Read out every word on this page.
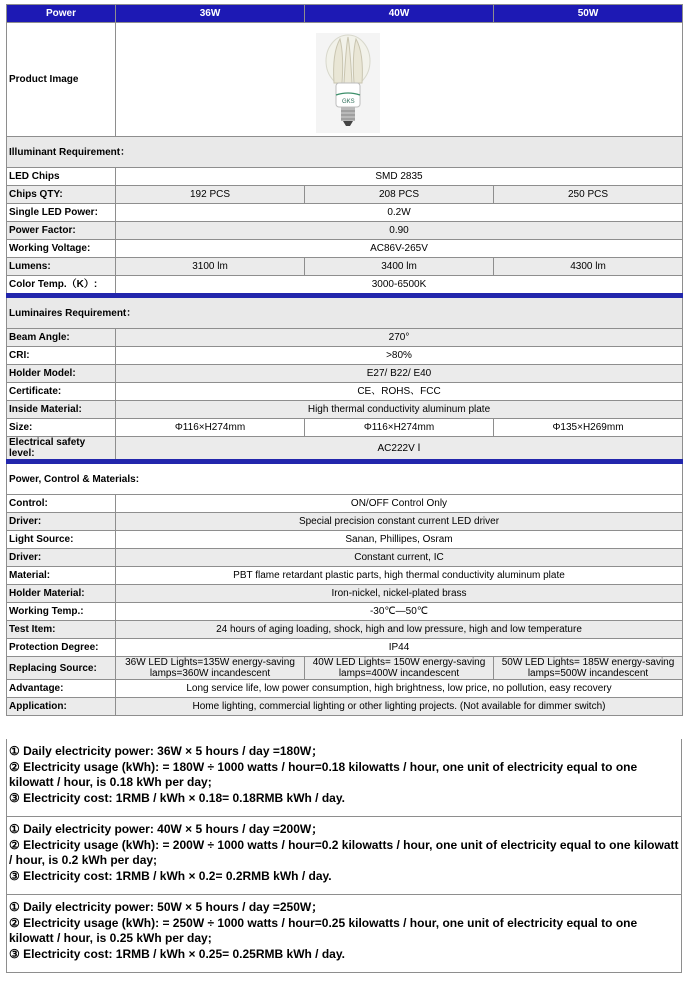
Power	36W	40W	50W
Product Image	GKS		

Illuminant Requirement：			
LED Chips	SMD 2835		
Chips QTY:	192 PCS	208 PCS	250 PCS
Single LED Power:	0.2W		
Power Factor:	0.90		
Working Voltage:	AC86V-265V		
Lumens:	3100 lm	3400 lm	4300 lm
Color Temp.（K）:	3000-6500K		
Luminaires Requirement：			
Beam Angle:	270°		
CRI:	>80%		
Holder Model:	E27/ B22/ E40		
Certificate:	CE、ROHS、FCC		
Inside Material:	High thermal conductivity aluminum plate		
Size:	Φ116×H274mm	Φ116×H274mm	Φ135×H269mm
Electrical safety level:	AC222V Ⅰ		
Power, Control & Materials:			
Control:	ON/OFF Control Only		
Driver:	Special precision constant current LED driver		
Light Source:	Sanan, Phillipes, Osram		
Driver:	Constant current, IC		
Material:	PBT flame retardant plastic parts, high thermal conductivity aluminum plate		
Holder Material:	Iron-nickel, nickel-plated brass		
Working Temp.:	-30℃—50℃		
Test Item:	24 hours of aging loading, shock, high and low pressure, high and low temperature		
Protection Degree:	IP44		
Replacing Source:	36W LED Lights=135W energy-saving lamps=360W incandescent	40W LED Lights= 150W energy-saving lamps=400W incandescent	50W LED Lights= 185W energy-saving lamps=500W incandescent
Advantage:	Long service life, low power consumption, high brightness, low price, no pollution, easy recovery		
Application:	Home lighting, commercial lighting or other lighting projects. (Not available for dimmer switch)		
① Daily electricity power: 36W × 5 hours / day =180W；
② Electricity usage (kWh): = 180W ÷ 1000 watts / hour=0.18 kilowatts / hour, one unit of electricity equal to one kilowatt / hour, is 0.18 kWh per day;
③ Electricity cost: 1RMB / kWh × 0.18= 0.18RMB kWh / day.
① Daily electricity power: 40W × 5 hours / day =200W；
② Electricity usage (kWh): = 200W ÷ 1000 watts / hour=0.2 kilowatts / hour, one unit of electricity equal to one kilowatt / hour, is 0.2 kWh per day;
③ Electricity cost: 1RMB / kWh × 0.2= 0.2RMB kWh / day.
① Daily electricity power: 50W × 5 hours / day =250W；
② Electricity usage (kWh): = 250W ÷ 1000 watts / hour=0.25 kilowatts / hour, one unit of electricity equal to one kilowatt / hour, is 0.25 kWh per day;
③ Electricity cost: 1RMB / kWh × 0.25= 0.25RMB kWh / day.
